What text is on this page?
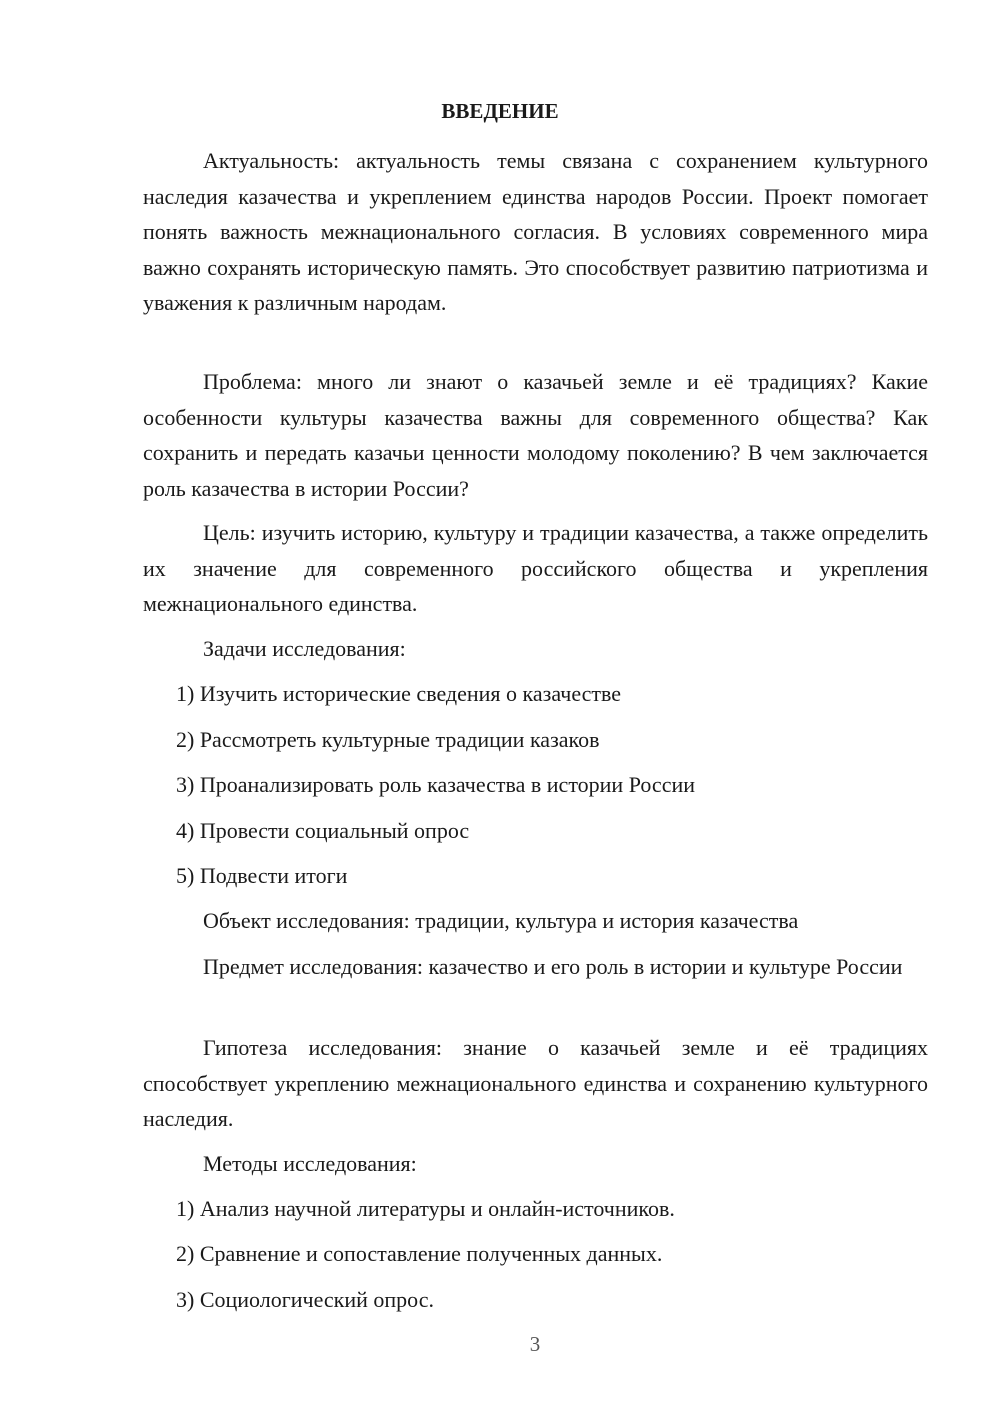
ВВЕДЕНИЕ

Актуальность: актуальность темы связана с сохранением культурного наследия казачества и укреплением единства народов России. Проект помогает понять важность межнационального согласия. В условиях современного мира важно сохранять историческую память. Это способствует развитию патриотизма и уважения к различным народам.

Проблема: много ли знают о казачьей земле и её традициях? Какие особенности культуры казачества важны для современного общества? Как сохранить и передать казачьи ценности молодому поколению? В чем заключается роль казачества в истории России?

Цель: изучить историю, культуру и традиции казачества, а также определить их значение для современного российского общества и укрепления межнационального единства.

Задачи исследования:

1) Изучить исторические сведения о казачестве

2) Рассмотреть культурные традиции казаков

3) Проанализировать роль казачества в истории России

4) Провести социальный опрос

5) Подвести итоги

Объект исследования: традиции, культура и история казачества

Предмет исследования: казачество и его роль в истории и культуре России

Гипотеза исследования: знание о казачьей земле и её традициях способствует укреплению межнационального единства и сохранению культурного наследия.

Методы исследования:

1) Анализ научной литературы и онлайн-источников.

2) Сравнение и сопоставление полученных данных.

3) Социологический опрос.

3
